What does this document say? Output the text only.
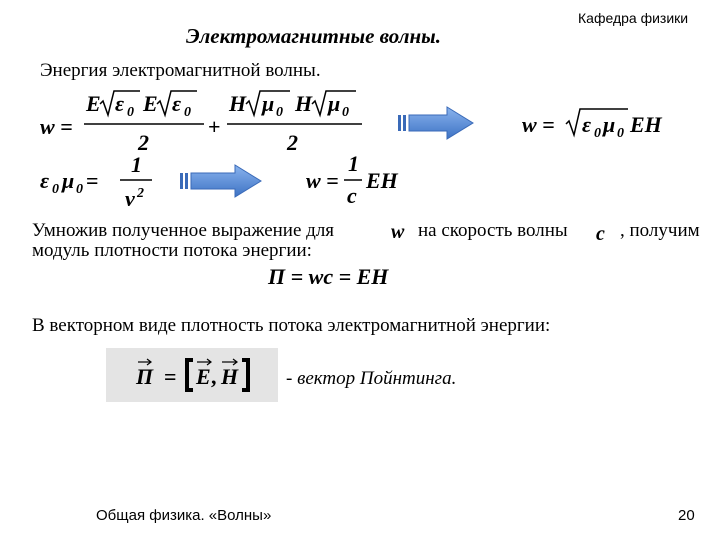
Электромагнитные волны.
Кафедра физики
Энергия электромагнитной волны.
w =
E ε 0 E ε 0
2
+
H μ 0 H μ 0
2
w = ε 0 μ 0 EH
ε 0 μ 0 =
1
v 2
w =
1
c
EH
w	c
П = wc = EH
П = E , H
Умножив полученное выражение для	на скорость волны	, получим
модуль плотности потока энергии:
В векторном виде плотность потока электромагнитной энергии:
- вектор Пойнтинга.
Общая физика. «Волны»	20
